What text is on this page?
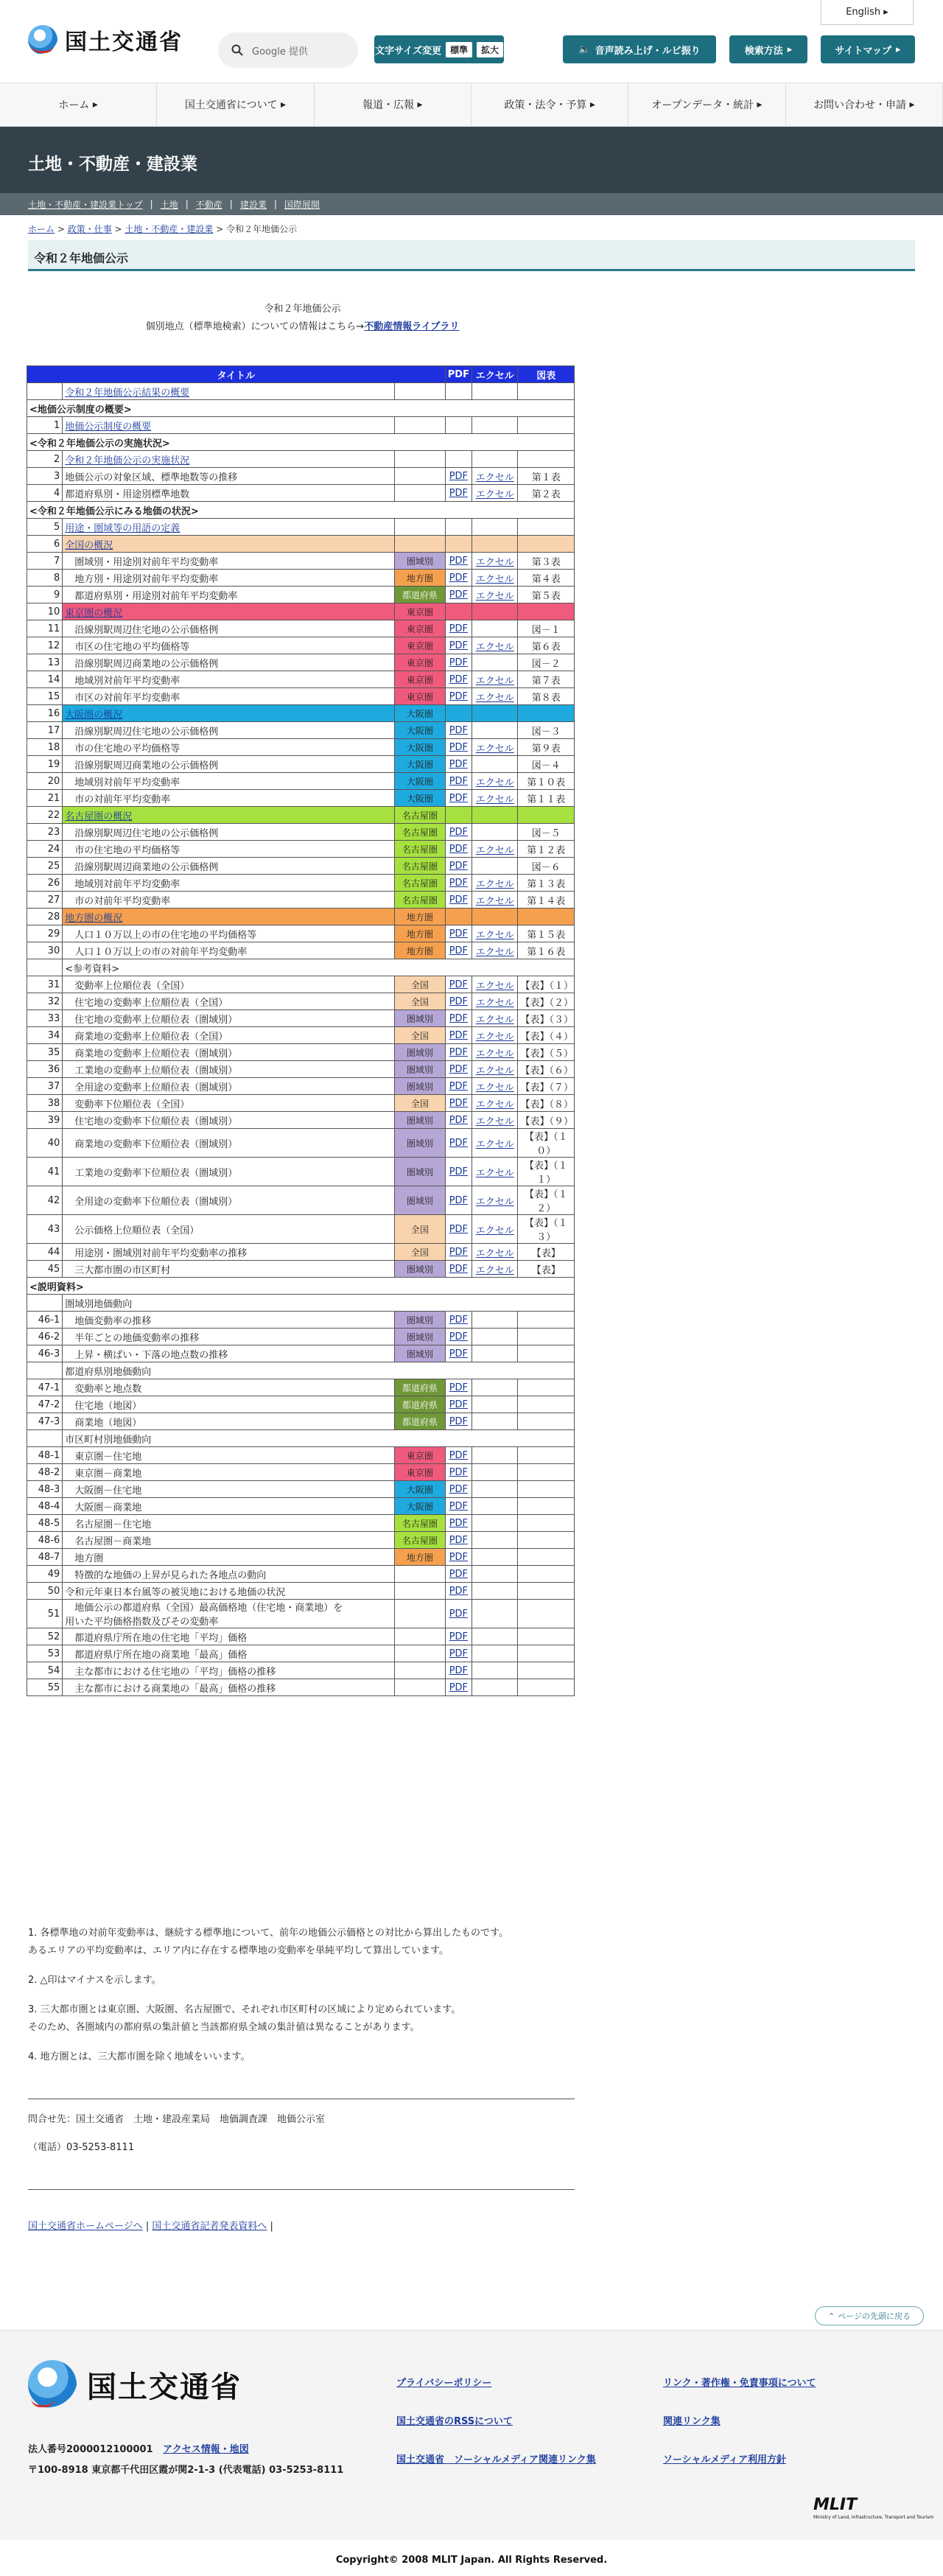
English ▸
国土交通省	Google 提供	文字サイズ変更	標準	拡大	🔈 音声読み上げ・ルビ振り	検索方法 ▸	サイトマップ ▸
ホーム ▸	国土交通省について ▸	報道・広報 ▸	政策・法令・予算 ▸	オープンデータ・統計 ▸	お問い合わせ・申請 ▸
土地・不動産・建設業
土地・不動産・建設業トップ | 土地 | 不動産 | 建設業 | 国際展開
ホーム > 政策・仕事 > 土地・不動産・建設業 > 令和２年地価公示
令和２年地価公示
令和２年地価公示
個別地点（標準地検索）についての情報はこちら→不動産情報ライブラリ
タイトル			PDF	エクセル	図表
	令和２年地価公示結果の概要				
<地価公示制度の概要>					
1	地価公示制度の概要				
<令和２年地価公示の実施状況>					
2	令和２年地価公示の実施状況				
3	地価公示の対象区域、標準地数等の推移		PDF	エクセル	第１表
4	都道府県別・用途別標準地数		PDF	エクセル	第２表
<令和２年地価公示にみる地価の状況>					
5	用途・圏域等の用語の定義				
6	全国の概況				
7	　圏域別・用途別対前年平均変動率	圏域別	PDF	エクセル	第３表
8	　地方別・用途別対前年平均変動率	地方圏	PDF	エクセル	第４表
9	　都道府県別・用途別対前年平均変動率	都道府県	PDF	エクセル	第５表
10	東京圏の概況	東京圏			
11	　沿線別駅周辺住宅地の公示価格例	東京圏	PDF		図－１
12	　市区の住宅地の平均価格等	東京圏	PDF	エクセル	第６表
13	　沿線別駅周辺商業地の公示価格例	東京圏	PDF		図－２
14	　地域別対前年平均変動率	東京圏	PDF	エクセル	第７表
15	　市区の対前年平均変動率	東京圏	PDF	エクセル	第８表
16	大阪圏の概況	大阪圏			
17	　沿線別駅周辺住宅地の公示価格例	大阪圏	PDF		図－３
18	　市の住宅地の平均価格等	大阪圏	PDF	エクセル	第９表
19	　沿線別駅周辺商業地の公示価格例	大阪圏	PDF		図－４
20	　地域別対前年平均変動率	大阪圏	PDF	エクセル	第１０表
21	　市の対前年平均変動率	大阪圏	PDF	エクセル	第１１表
22	名古屋圏の概況	名古屋圏			
23	　沿線別駅周辺住宅地の公示価格例	名古屋圏	PDF		図－５
24	　市の住宅地の平均価格等	名古屋圏	PDF	エクセル	第１２表
25	　沿線別駅周辺商業地の公示価格例	名古屋圏	PDF		図－６
26	　地域別対前年平均変動率	名古屋圏	PDF	エクセル	第１３表
27	　市の対前年平均変動率	名古屋圏	PDF	エクセル	第１４表
28	地方圏の概況	地方圏			
29	　人口１０万以上の市の住宅地の平均価格等	地方圏	PDF	エクセル	第１５表
30	　人口１０万以上の市の対前年平均変動率	地方圏	PDF	エクセル	第１６表
	<参考資料>				
31	　変動率上位順位表（全国）	全国	PDF	エクセル	【表】（１）
32	　住宅地の変動率上位順位表（全国）	全国	PDF	エクセル	【表】（２）
33	　住宅地の変動率上位順位表（圏域別）	圏域別	PDF	エクセル	【表】（３）
34	　商業地の変動率上位順位表（全国）	全国	PDF	エクセル	【表】（４）
35	　商業地の変動率上位順位表（圏域別）	圏域別	PDF	エクセル	【表】（５）
36	　工業地の変動率上位順位表（圏域別）	圏域別	PDF	エクセル	【表】（６）
37	　全用途の変動率上位順位表（圏域別）	圏域別	PDF	エクセル	【表】（７）
38	　変動率下位順位表（全国）	全国	PDF	エクセル	【表】（８）
39	　住宅地の変動率下位順位表（圏域別）	圏域別	PDF	エクセル	【表】（９）
40	　商業地の変動率下位順位表（圏域別）	圏域別	PDF	エクセル	【表】（１０）
41	　工業地の変動率下位順位表（圏域別）	圏域別	PDF	エクセル	【表】（１１）
42	　全用途の変動率下位順位表（圏域別）	圏域別	PDF	エクセル	【表】（１２）
43	　公示価格上位順位表（全国）	全国	PDF	エクセル	【表】（１３）
44	　用途別・圏域別対前年平均変動率の推移	全国	PDF	エクセル	【表】
45	　三大都市圏の市区町村	圏域別	PDF	エクセル	【表】
<説明資料>					
	圏域別地価動向				
46-1	　地価変動率の推移	圏域別	PDF		
46-2	　半年ごとの地価変動率の推移	圏域別	PDF		
46-3	　上昇・横ばい・下落の地点数の推移	圏域別	PDF		
	都道府県別地価動向				
47-1	　変動率と地点数	都道府県	PDF		
47-2	　住宅地（地図）	都道府県	PDF		
47-3	　商業地（地図）	都道府県	PDF		
	市区町村別地価動向				
48-1	　東京圏－住宅地	東京圏	PDF		
48-2	　東京圏－商業地	東京圏	PDF		
48-3	　大阪圏－住宅地	大阪圏	PDF		
48-4	　大阪圏－商業地	大阪圏	PDF		
48-5	　名古屋圏－住宅地	名古屋圏	PDF		
48-6	　名古屋圏－商業地	名古屋圏	PDF		
48-7	　地方圏	地方圏	PDF		
49	　特徴的な地価の上昇が見られた各地点の動向		PDF		
50	令和元年東日本台風等の被災地における地価の状況		PDF		
51	　地価公示の都道府県（全国）最高価格地（住宅地・商業地）を
用いた平均価格指数及びその変動率		PDF		
52	　都道府県庁所在地の住宅地「平均」価格		PDF		
53	　都道府県庁所在地の商業地「最高」価格		PDF		
54	　主な都市における住宅地の「平均」価格の推移		PDF		
55	　主な都市における商業地の「最高」価格の推移		PDF		
1. 各標準地の対前年変動率は、継続する標準地について、前年の地価公示価格との対比から算出したものです。
あるエリアの平均変動率は、エリア内に存在する標準地の変動率を単純平均して算出しています。
2. △印はマイナスを示します。
3. 三大都市圏とは東京圏、大阪圏、名古屋圏で、それぞれ市区町村の区域により定められています。
そのため、各圏域内の都府県の集計値と当該都府県全域の集計値は異なることがあります。
4. 地方圏とは、三大都市圏を除く地域をいいます。
問合せ先：国土交通省　土地・建設産業局　地価調査課　地価公示室
（電話）03-5253-8111
国土交通省ホームページへ | 国土交通省記者発表資料へ |
⌃ ページの先頭に戻る
国土交通省
法人番号2000012100001 アクセス情報・地図
〒100-8918 東京都千代田区霞が関2-1-3 (代表電話) 03-5253-8111
プライバシーポリシー
国土交通省のRSSについて
国土交通省　ソーシャルメディア関連リンク集
リンク・著作権・免責事項について
関連リンク集
ソーシャルメディア利用方針
MLIT
Ministry of Land, Infrastructure, Transport and Tourism
Copyright© 2008 MLIT Japan. All Rights Reserved.
